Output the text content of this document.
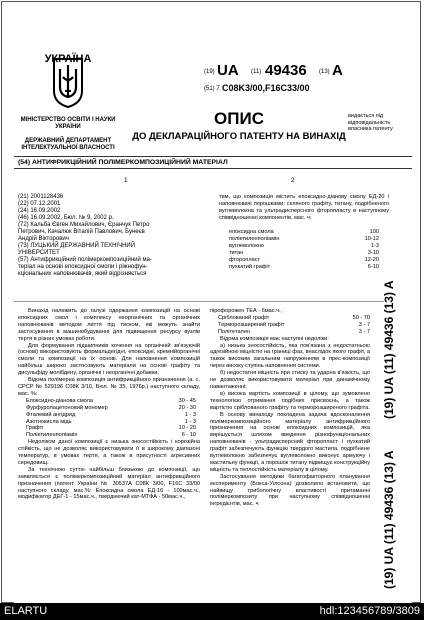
УКРАЇНА
МІНІСТЕРСТВО ОСВІТИ І НАУКИ УКРАЇНИ
ДЕРЖАВНИЙ ДЕПАРТАМЕНТ ІНТЕЛЕКТУАЛЬНОЇ ВЛАСНОСТІ
(19) UA (11) 49436 (13) A
(51) 7 C08K3/00,F16C33/00
ОПИС
ДО ДЕКЛАРАЦІЙНОГО ПАТЕНТУ НА ВИНАХІД
видається під відповідальність власника патенту
(54) АНТИФРИКЦІЙНИЙ ПОЛІМЕРКОМПОЗИЦІЙНИЙ МАТЕРІАЛ
1	2
(21) 2001128436
(22) 07.12.2001
(24) 16.09.2002
(46) 16.09.2002, Бюл. № 9, 2002 р.
(72) Кальба Євген Михайлович, Єранчук Петро
Петрович, Качалюк Віталій Павлович, Бунеєв
Андрій Вікторович
(73) ЛУЦЬКИЙ ДЕРЖАВНИЙ ТЕХНІЧНИЙ
УНІВЕРСИТЕТ
(57) Антифрикційний полімеркомпозиційний ма-
теріал на основі епоксидної смоли і ріжнофун-
кціональних наповнювачів, який відрізняється
тим, що композиція містить епоксидно-діанову смолу ЕД-20 і наповнювачі порошками: скляного графіту, титану, подрібненого вуглеволокна та ультрадисперсного фторопласту в наступному співвідношенні компонентів, мас. ч:
епоксидна смола	100
поліетиленполіамін	10-12
вуглеволокно	1-3
титан	3-10
фторопласт	12-20
пухкатий графіт	6-10
Винахід належить до галузі одержання композицій на основі епоксидних смол і комплексу неорганічних та органічних наповнювачів методом лиття під тиском, які можуть знайти застосування в машинобудуванні для підвищення ресурсу вузлів тертя в різних умовах роботи.
Для формування підшипників кочення на органічній зв'язуючій (основі) використовують формальдегідні, епоксидні, кремнійорганічні смоли та композиції на їх основі. Для наповнення композицій найбільш широко застосовують матеріали на основі графіту та дисульфіду молібдену, органічні і неорганічні добавки.
Відома полімерна композиція антифрикційного призначення (а. с. СРСР № 529196 С08К 3/10, Бюл. № 35, 1976р.) наступного складу, мас. %:
Епоксидно-діанова смола	30 - 45
Фурфуролацетоновий мономер	20 - 30
Фталевий ангідрид	1 - 3
Азотнокисла мідь	1 - 3
Графіт	10 - 20
Поліетиленполіамін	6 - 10
Недоліком даної композиції є низька зносостійкість і корозійна стійкість, що не дозволяє використовувати її в широкому діапазоні температур, в умовах тертя, а також в присутності агресивних середовищ.
За технічною суттю найбільш близькою до композиції, що заявляється є полімеркомпозиційний матеріал антифрикційного призначення (патент України № 30537А С08К 3/00, F16С 33/00 наступного складу, мас.%: Епоксидна смола ЕД-16 - 100мас.ч., модифікатор ДЕГ-1 - 15мас.ч., тверднючий кат-МТФА - 50мас.ч.,
пірофорожен ТЕА - 6мас.ч.,
Сріблований графіт	50 - 70
Терморозширений графіт	3 - 7
Політетален	3 - 7
Відома композиція має наступні недоліки:
а) низька зносостійкість, яка пов'язана з недостатньою адгезійною міцністю на границі фаз, внаслідок якого графіт, а також високим загальним напруженням в прес-композиції через високу ступінь наповнення системи.
б) недостатня міцність при стиску та ударна в'язкість, що не дозволяє використовувати матеріал при динамічному навантаженні;
в) висока вартість композиції в цілому, що зумовлено технологією отримання подібних присвоєнь, а також вартістю сріблованого графіту та терморозширеного графіта.
В основу винаходу покладена задача вдосконалення полімеркомпозиційного матеріалу антифрикційного призначення на основі епоксидних композицій, яка вирішується шляхом введення різнофункціональних наповнювачів - ультрадисперсний фторопласт і пухкатий графіт забезпечують функцію твердого мастила, подрібнене вуглеволокно забезпечує вуглеволокно виконує армуючу і мастильну функції, а порошок титану підвищує конструкційну міцність та теплостійкість матеріалу в цілому.
Застосування методики багатофакторного планування експерименту (Бокса-Уілсона) дозволило встановити, що найвищу трибологічну властивості притаманні полімеркомпозиту при наступному співвідношенні інгредієнтів, мас. ч
(19) UA (11) 49436 (13) A
(19) UA (11) 49436 (13) A
ELARTU	hdl:123456789/3809
